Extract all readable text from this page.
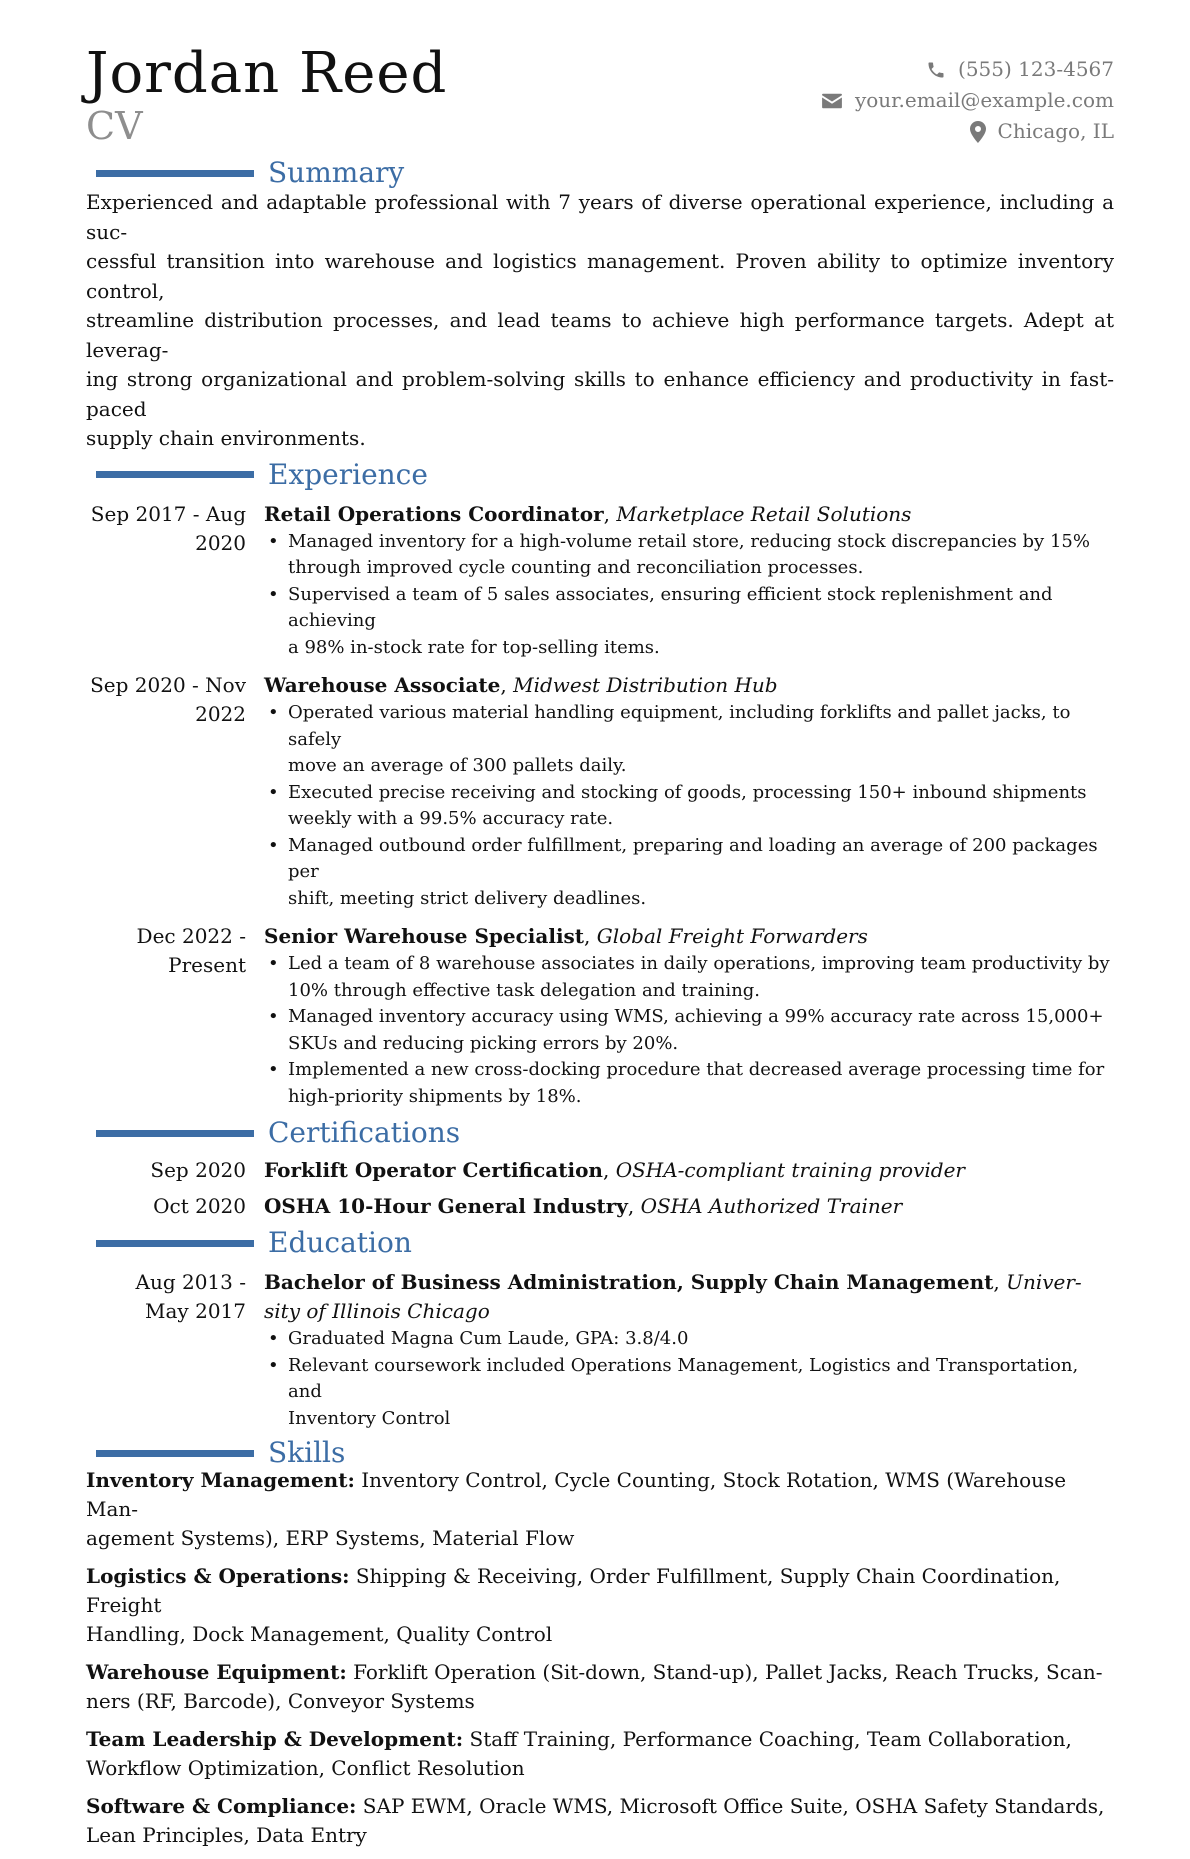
Jordan Reed
CV
(555) 123-4567
your.email@example.com
Chicago, IL
Summary
Experienced and adaptable professional with 7 years of diverse operational experience, including a suc-
cessful transition into warehouse and logistics management. Proven ability to optimize inventory control,
streamline distribution processes, and lead teams to achieve high performance targets. Adept at leverag-
ing strong organizational and problem-solving skills to enhance efficiency and productivity in fast-paced
supply chain environments.
Experience
Sep 2017 - Aug
2020
Retail Operations Coordinator, Marketplace Retail Solutions
• Managed inventory for a high-volume retail store, reducing stock discrepancies by 15%
through improved cycle counting and reconciliation processes.
• Supervised a team of 5 sales associates, ensuring efficient stock replenishment and achieving
a 98% in-stock rate for top-selling items.
Sep 2020 - Nov
2022
Warehouse Associate, Midwest Distribution Hub
• Operated various material handling equipment, including forklifts and pallet jacks, to safely
move an average of 300 pallets daily.
• Executed precise receiving and stocking of goods, processing 150+ inbound shipments
weekly with a 99.5% accuracy rate.
• Managed outbound order fulfillment, preparing and loading an average of 200 packages per
shift, meeting strict delivery deadlines.
Dec 2022 -
Present
Senior Warehouse Specialist, Global Freight Forwarders
• Led a team of 8 warehouse associates in daily operations, improving team productivity by
10% through effective task delegation and training.
• Managed inventory accuracy using WMS, achieving a 99% accuracy rate across 15,000+
SKUs and reducing picking errors by 20%.
• Implemented a new cross-docking procedure that decreased average processing time for
high-priority shipments by 18%.
Certifications
Sep 2020 Forklift Operator Certification, OSHA-compliant training provider
Oct 2020 OSHA 10-Hour General Industry, OSHA Authorized Trainer
Education
Aug 2013 -
May 2017
Bachelor of Business Administration, Supply Chain Management, Univer-
sity of Illinois Chicago
• Graduated Magna Cum Laude, GPA: 3.8/4.0
• Relevant coursework included Operations Management, Logistics and Transportation, and
Inventory Control
Skills
Inventory Management: Inventory Control, Cycle Counting, Stock Rotation, WMS (Warehouse Man-
agement Systems), ERP Systems, Material Flow
Logistics & Operations: Shipping & Receiving, Order Fulfillment, Supply Chain Coordination, Freight
Handling, Dock Management, Quality Control
Warehouse Equipment: Forklift Operation (Sit-down, Stand-up), Pallet Jacks, Reach Trucks, Scan-
ners (RF, Barcode), Conveyor Systems
Team Leadership & Development: Staff Training, Performance Coaching, Team Collaboration,
Workflow Optimization, Conflict Resolution
Software & Compliance: SAP EWM, Oracle WMS, Microsoft Office Suite, OSHA Safety Standards,
Lean Principles, Data Entry
